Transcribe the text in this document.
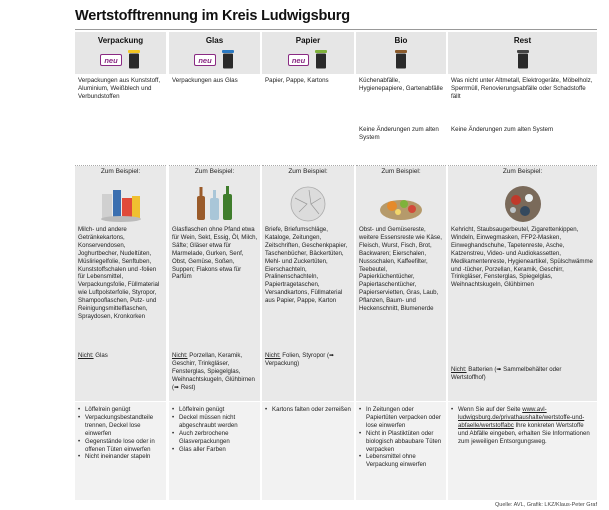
Wertstofftrennung im Kreis Ludwigsburg
Verpackung
neu
Verpackungen aus Kunststoff, Aluminium, Weißblech und Verbundstoffen
Zum Beispiel:
Milch- und andere Getränkekartons, Konservendosen, Joghurtbecher, Nudeltüten, Müsliriegelfolie, Senftuben, Kunststoffschalen und -folien für Lebensmittel, Verpackungsfolie, Füllmaterial wie Luftpolsterfolie, Styropor, Shampooflaschen, Putz- und Reinigungsmittelflaschen, Spraydosen, Kronkorken
Nicht: Glas
• Löffelrein genügt
• Verpackungsbestandteile trennen, Deckel lose einwerfen
• Gegenstände lose oder in offenen Tüten einwerfen
• Nicht ineinander stapeln
Glas
neu
Verpackungen aus Glas
Zum Beispiel:
Glasflaschen ohne Pfand etwa für Wein, Sekt, Essig, Öl, Milch, Säfte; Gläser etwa für Marmelade, Gurken, Senf, Obst, Gemüse, Soßen, Suppen; Flakons etwa für Parfüm
Nicht: Porzellan, Keramik, Geschirr, Trinkgläser, Fensterglas, Spiegelglas, Weihnachtskugeln, Glühbirnen (➠ Rest)
• Löffelrein genügt
• Deckel müssen nicht abgeschraubt werden
• Auch zerbrochene Glasverpackungen
• Glas aller Farben
Papier
neu
Papier, Pappe, Kartons
Zum Beispiel:
Briefe, Briefumschläge, Kataloge, Zeitungen, Zeitschriften, Geschenkpapier, Taschenbücher, Bäckertüten, Mehl- und Zuckertüten, Eierschachteln, Pralinenschachteln, Papiertragetaschen, Versandkartons, Füllmaterial aus Papier, Pappe, Karton
Nicht: Folien, Styropor (➠ Verpackung)
• Kartons falten oder zerreißen
Bio
Küchenabfälle, Hygienepapiere, Gartenabfälle
Keine Änderungen zum alten System
Zum Beispiel:
Obst- und Gemüsereste, weitere Essensreste wie Käse, Fleisch, Wurst, Fisch, Brot, Backwaren; Eierschalen, Nussschalen, Kaffeefilter, Teebeutel, Papierküchentücher, Papiertaschentücher, Papierservietten, Gras, Laub, Pflanzen, Baum- und Heckenschnitt, Blumenerde
• In Zeitungen oder Papiertüten verpacken oder lose einwerfen
• Nicht in Plastiktüten oder biologisch abbaubare Tüten verpacken
• Lebensmittel ohne Verpackung einwerfen
Rest
Was nicht unter Altmetall, Elektrogeräte, Möbelholz, Sperrmüll, Renovierungsabfälle oder Schadstoffe fällt
Keine Änderungen zum alten System
Zum Beispiel:
Kehricht, Staubsaugerbeutel, Zigarettenkippen, Windeln, Einwegmasken, FFP2-Masken, Einweghandschuhe, Tapetenreste, Asche, Katzenstreu, Video- und Audiokassetten, Medikamentenreste, Hygieneartikel, Spülschwämme und -tücher, Porzellan, Keramik, Geschirr, Trinkgläser, Fensterglas, Spiegelglas, Weihnachtskugeln, Glühbirnen
Nicht: Batterien (➠ Sammelbehälter oder Wertstoffhof)
• Wenn Sie auf der Seite www.avl-ludwigsburg.de/privathaushalte/wertstoffe-und-abfaelle/wertstoffabc Ihre konkreten Wertstoffe und Abfälle eingeben, erhalten Sie Informationen zum jeweiligen Entsorgungsweg.
Quelle: AVL, Grafik: LKZ/Klaus-Peter Graf
